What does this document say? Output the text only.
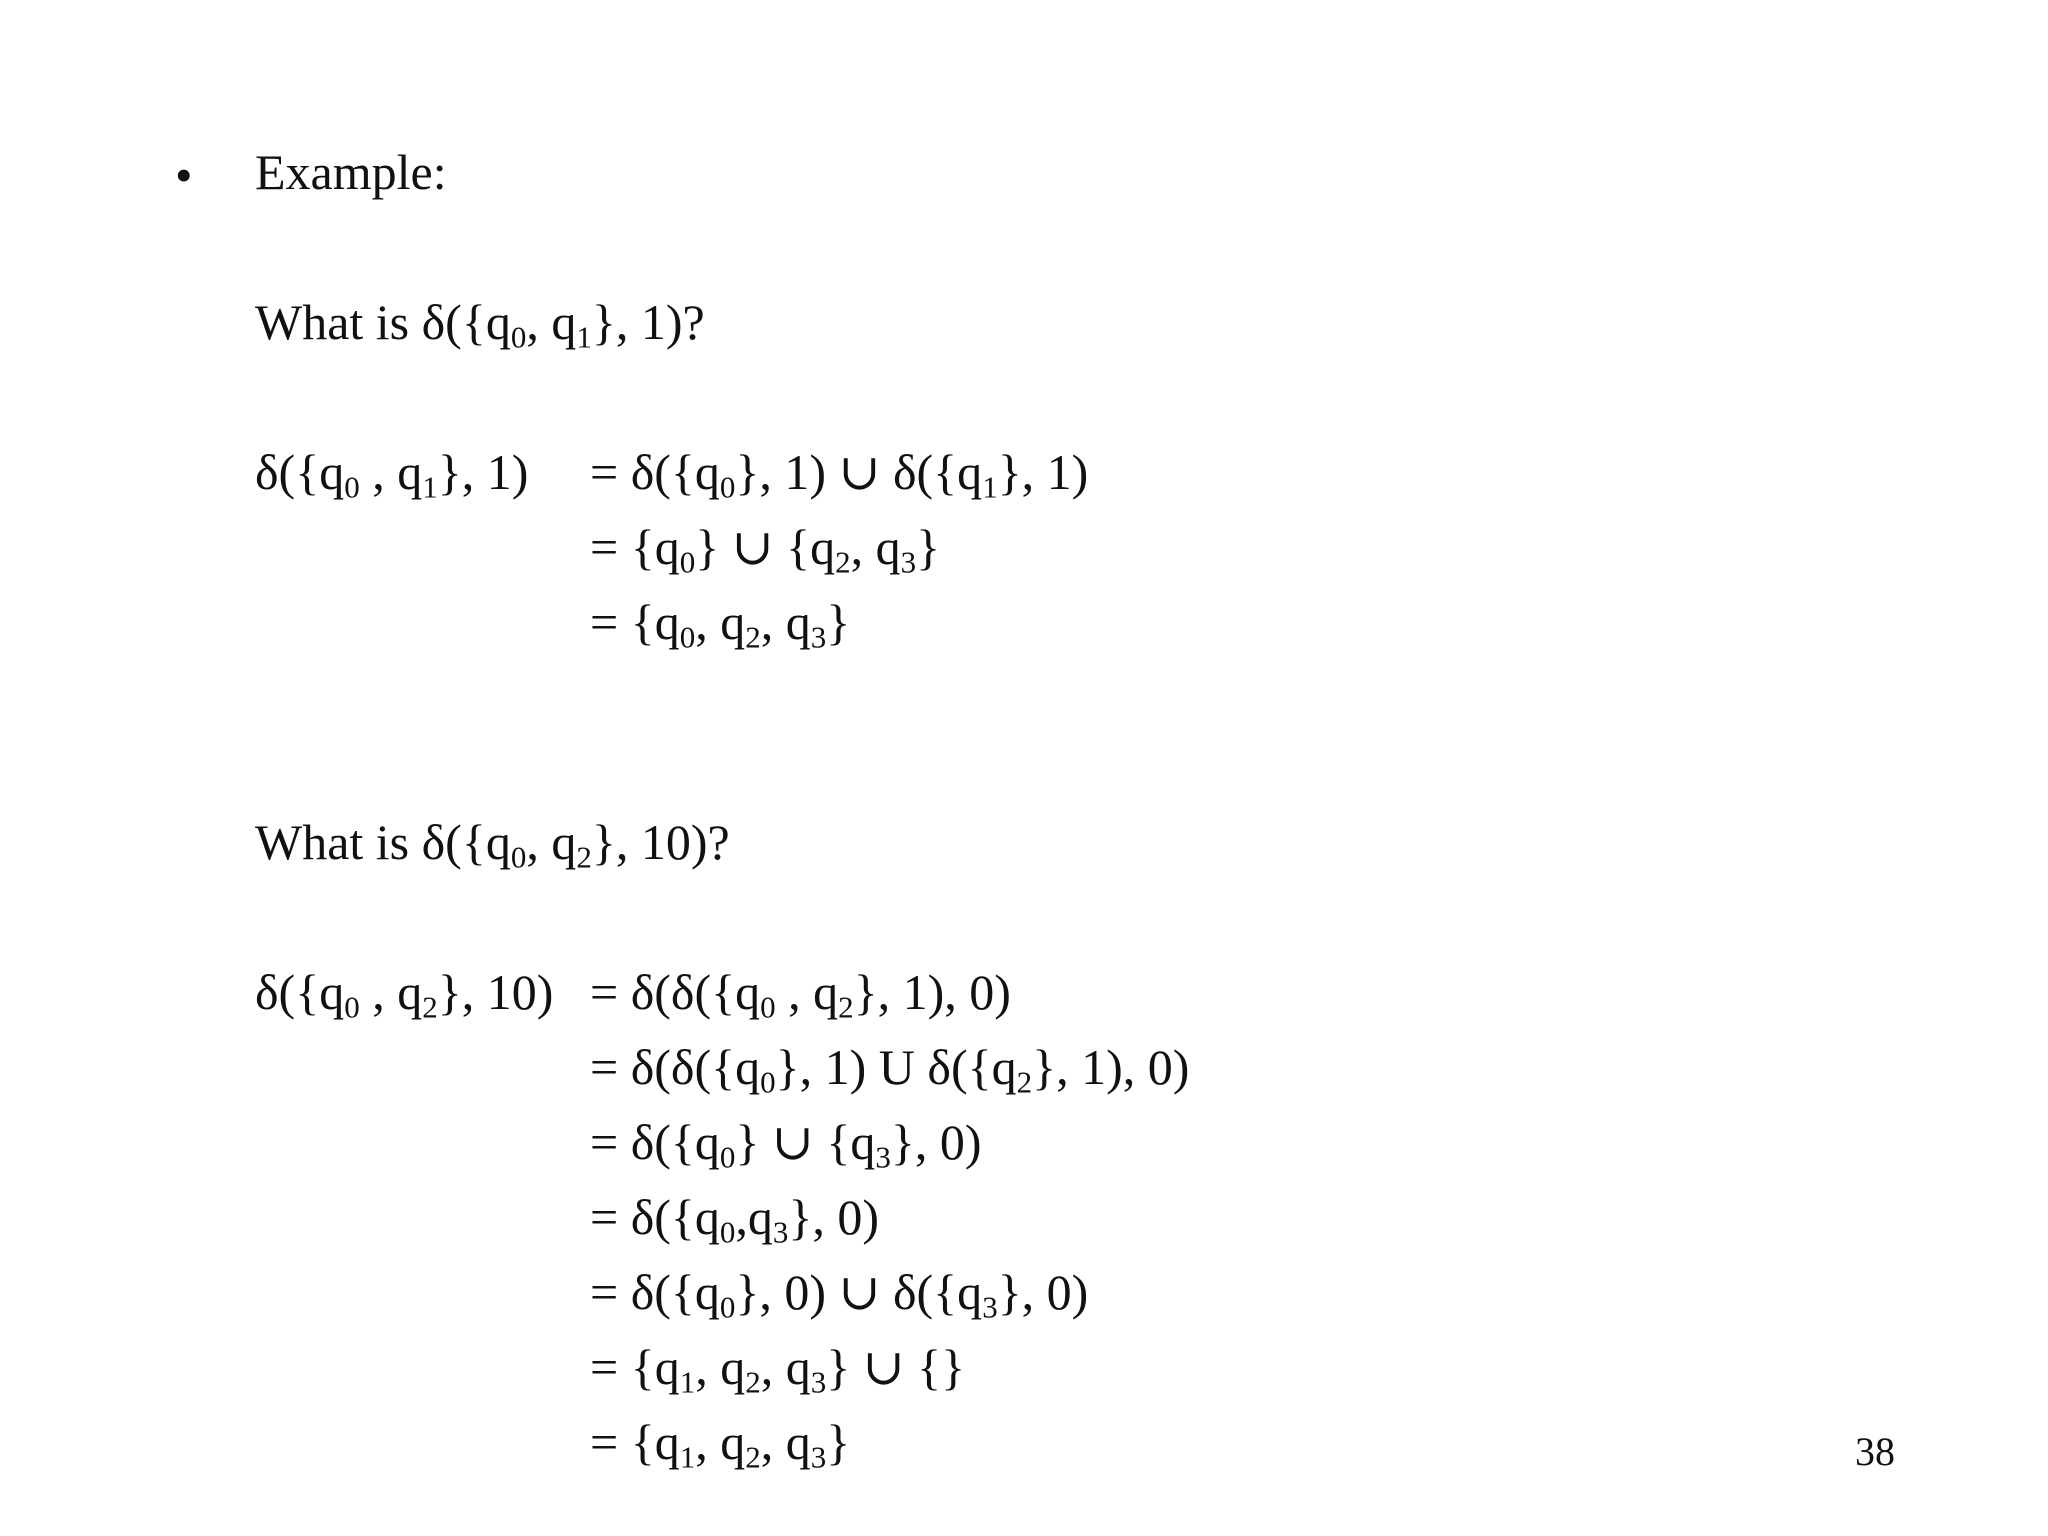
• Example:
What is $\delta(\{q_0$, $q_1$}, 1)?
$\delta(\{q_0$ , $q_1$}, $1) = \delta(\{q_0\}$, 1) ∪ $\delta(\{q_1\}$, 1)
= $\{q_0\}$ ∪ {$q_2$, $q_3$}
= {$q_0$, $q_2$, $q_3$}
What is $\delta(\{q_0$, $q_2$}, 10)?
$\delta(\{q_0$ , $q_2$}, $10) = \delta(\delta(\{q_0$ , $q_2$}, 1), 0)
= $\delta(\delta(\{q_0\}$, 1) U $\delta(\{q_2\}$, 1), 0)
= $\delta(\{q_0\}$ ∪ $\{q_3\}$, 0)
= $\delta(\{q_0,q_3\}$, 0)
= $\delta(\{q_0\}$, 0) ∪ $\delta(\{q_3\}$, 0)
= {$q_1$, $q_2$, $q_3$} ∪ {}
= {$q_1$, $q_2$, $q_3$}	38
